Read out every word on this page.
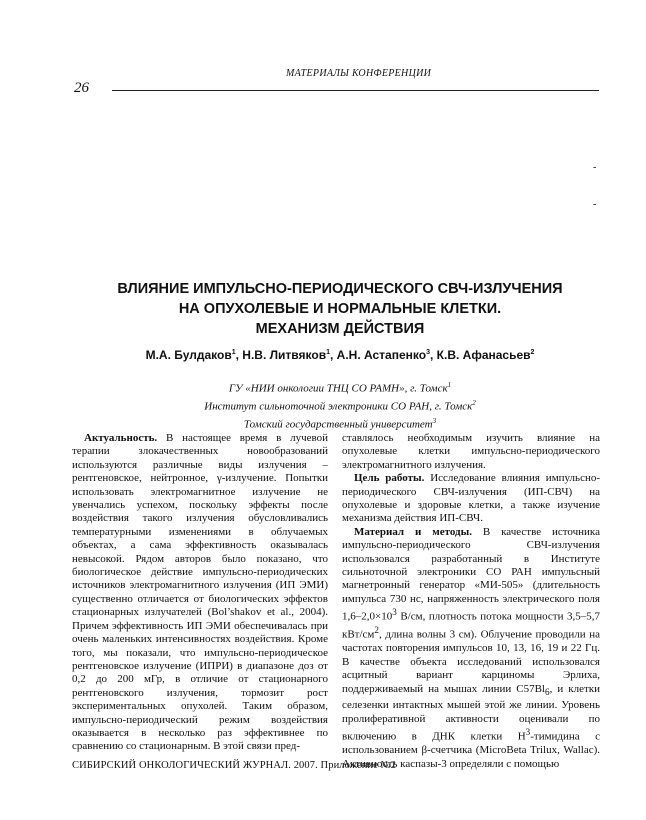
МАТЕРИАЛЫ КОНФЕРЕНЦИИ
26
-
-
ВЛИЯНИЕ ИМПУЛЬСНО-ПЕРИОДИЧЕСКОГО СВЧ-ИЗЛУЧЕНИЯ
НА ОПУХОЛЕВЫЕ И НОРМАЛЬНЫЕ КЛЕТКИ.
МЕХАНИЗМ ДЕЙСТВИЯ
М.А. Булдаков$^1$, Н.В. Литвяков$^1$, А.Н. Астапенко$^3$, К.В. Афанасьев$^2$
ГУ «НИИ онкологии ТНЦ СО РАМН», г. Томск$^1$
Институт сильноточной электроники СО РАН, г. Томск$^2$
Томский государственный университет$^3$

Актуальность. В настоящее время в лучевой терапии злокачественных новообразований используются различные виды излучения – рентгеновское, нейтронное, γ-излучение. Попытки использовать электромагнитное излучение не увенчались успехом, поскольку эффекты после воздействия такого излучения обусловливались температурными изменениями в облучаемых объектах, а сама эффективность оказывалась невысокой. Рядом авторов было показано, что биологическое действие импульсно-периодических источников электромагнитного излучения (ИП ЭМИ) существенно отличается от биологических эффектов стационарных излучателей (Bol’shakov et al., 2004). Причем эффективность ИП ЭМИ обеспечивалась при очень маленьких интенсивностях воздействия. Кроме того, мы показали, что импульсно-периодическое рентгеновское излучение (ИПРИ) в диапазоне доз от 0,2 до 200 мГр, в отличие от стационарного рентгеновского излучения, тормозит рост экспериментальных опухолей. Таким образом, импульсно-периодический режим воздействия оказывается в несколько раз эффективнее по сравнению со стационарным. В этой связи пред-

ставлялось необходимым изучить влияние на опухолевые клетки импульсно-периодического электромагнитного излучения.

Цель работы. Исследование влияния импульсно-периодического СВЧ-излучения (ИП-СВЧ) на опухолевые и здоровые клетки, а также изучение механизма действия ИП-СВЧ.

Материал и методы. В качестве источника импульсно-периодического СВЧ-излучения использовался разработанный в Институте сильноточной электроники СО РАН импульсный магнетронный генератор «МИ-505» (длительность импульса 730 нс, напряженность электрического поля $1,6-2,0\times 10^3$ В/см, плотность потока мощности 3,5–5,7 кВт/$см^2$, длина волны 3 см). Облучение проводили на частотах повторения импульсов 10, 13, 16, 19 и 22 Гц. В качестве объекта исследований использовался асцитный вариант карциномы Эрлиха, поддерживаемый на мышах линии $C57Bl_6$, и клетки селезенки интактных мышей этой же линии. Уровень пролиферативной активности оценивали по включению в ДНК клетки $Н^3$-тимидина с использованием β-счетчика (MicroBeta Trilux, Wallac). Активность каспазы-3 определяли с помощью

СИБИРСКИЙ ОНКОЛОГИЧЕСКИЙ ЖУРНАЛ. 2007. Приложение №2
